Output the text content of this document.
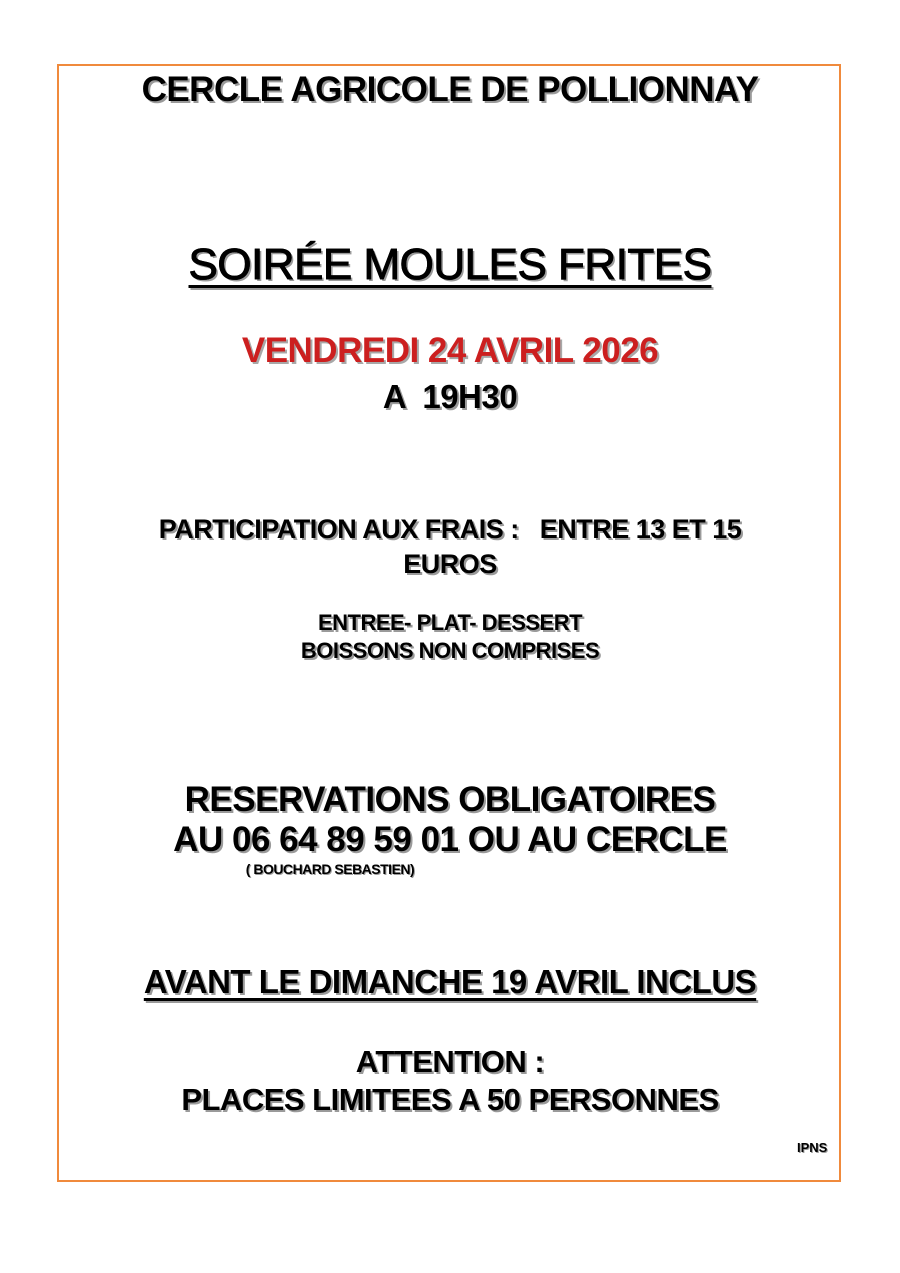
CERCLE AGRICOLE DE POLLIONNAY
SOIRÉE MOULES FRITES
VENDREDI 24 AVRIL 2026
A  19H30
PARTICIPATION AUX FRAIS :   ENTRE 13 ET 15
EUROS
ENTREE- PLAT- DESSERT
BOISSONS NON COMPRISES
RESERVATIONS OBLIGATOIRES
AU 06 64 89 59 01 OU AU CERCLE
( BOUCHARD SEBASTIEN)
AVANT LE DIMANCHE 19 AVRIL INCLUS
ATTENTION :
PLACES LIMITEES A 50 PERSONNES
IPNS
